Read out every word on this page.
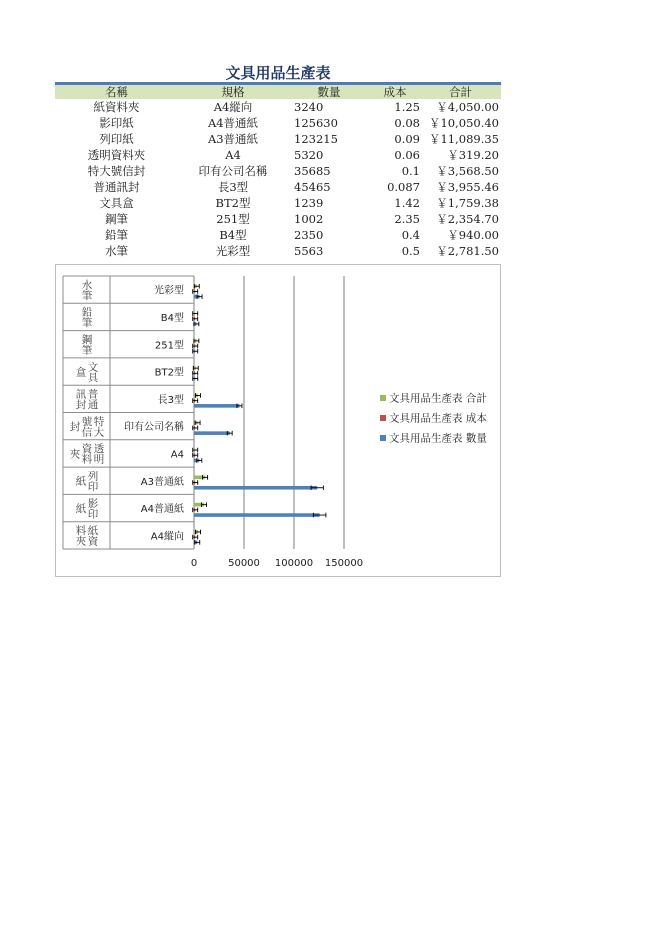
文具用品生產表
名稱	規格	數量	成本	合計
紙資料夾	A4縱向	3240	1.25	￥4,050.00
影印紙	A4普通紙	125630	0.08	￥10,050.40
列印紙	A3普通紙	123215	0.09	￥11,089.35
透明資料夾	A4	5320	0.06	￥319.20
特大號信封	印有公司名稱	35685	0.1	￥3,568.50
普通訊封	長3型	45465	0.087	￥3,955.46
文具盒	BT2型	1239	1.42	￥1,759.38
鋼筆	251型	1002	2.35	￥2,354.70
鉛筆	B4型	2350	0.4	￥940.00
水筆	光彩型	5563	0.5	￥2,781.50
紙資
料夾	A4縱向
影印
紙	A4普通紙
列印
紙	A3普通紙
透明
資料
夾	A4
特大
號信
封	印有公司名稱
普通
訊封	長3型
文具
盒	BT2型
鋼筆	251型
鉛筆	B4型
水筆	光彩型
0	50000 100000 150000
文具用品生產表 合計
文具用品生產表 成本
文具用品生產表 數量
